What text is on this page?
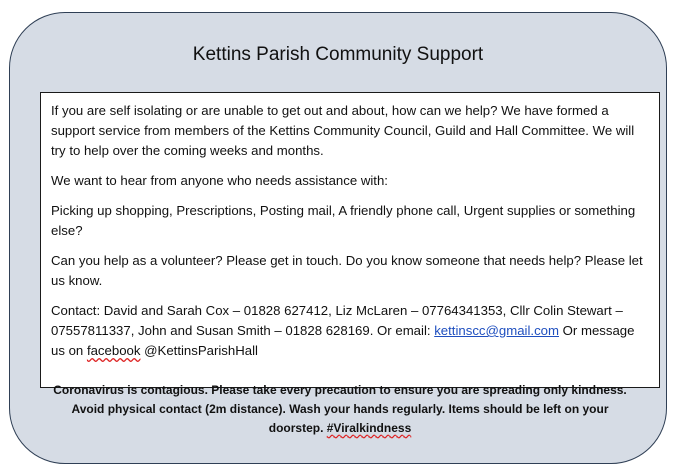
Kettins Parish Community Support

If you are self isolating or are unable to get out and about, how can we help? We have formed a support service from members of the Kettins Community Council, Guild and Hall Committee. We will try to help over the coming weeks and months.

We want to hear from anyone who needs assistance with:

Picking up shopping, Prescriptions, Posting mail, A friendly phone call, Urgent supplies or something else?

Can you help as a volunteer? Please get in touch. Do you know someone that needs help? Please let us know.

Contact: David and Sarah Cox – 01828 627412, Liz McLaren – 07764341353, Cllr Colin Stewart – 07557811337, John and Susan Smith – 01828 628169. Or email: kettinscc@gmail.com Or message us on facebook @KettinsParishHall

Coronavirus is contagious. Please take every precaution to ensure you are spreading only kindness.
Avoid physical contact (2m distance). Wash your hands regularly. Items should be left on your
doorstep. #Viralkindness
